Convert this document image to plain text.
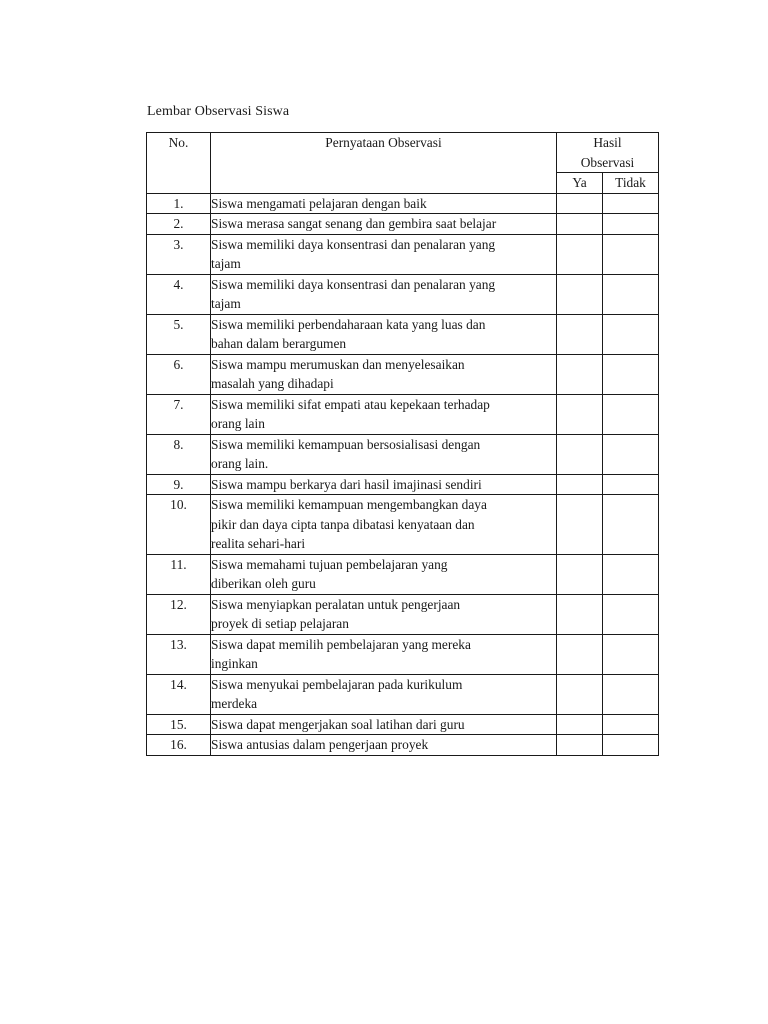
Lembar Observasi Siswa
No.	Pernyataan Observasi	Hasil
Observasi	

		Ya	Tidak
1.	Siswa mengamati pelajaran dengan baik		
2.	Siswa merasa sangat senang dan gembira saat belajar		
3.	Siswa memiliki daya konsentrasi dan penalaran yang
tajam		
4.	Siswa memiliki daya konsentrasi dan penalaran yang
tajam		
5.	Siswa memiliki perbendaharaan kata yang luas dan
bahan dalam berargumen		
6.	Siswa mampu merumuskan dan menyelesaikan
masalah yang dihadapi		
7.	Siswa memiliki sifat empati atau kepekaan terhadap
orang lain		
8.	Siswa memiliki kemampuan bersosialisasi dengan
orang lain.		
9.	Siswa mampu berkarya dari hasil imajinasi sendiri		
10.	Siswa memiliki kemampuan mengembangkan daya
pikir dan daya cipta tanpa dibatasi kenyataan dan
realita sehari-hari		
11.	Siswa memahami tujuan pembelajaran yang
diberikan oleh guru		
12.	Siswa menyiapkan peralatan untuk pengerjaan
proyek di setiap pelajaran		
13.	Siswa dapat memilih pembelajaran yang mereka
inginkan		
14.	Siswa menyukai pembelajaran pada kurikulum
merdeka		
15.	Siswa dapat mengerjakan soal latihan dari guru		
16.	Siswa antusias dalam pengerjaan proyek		
